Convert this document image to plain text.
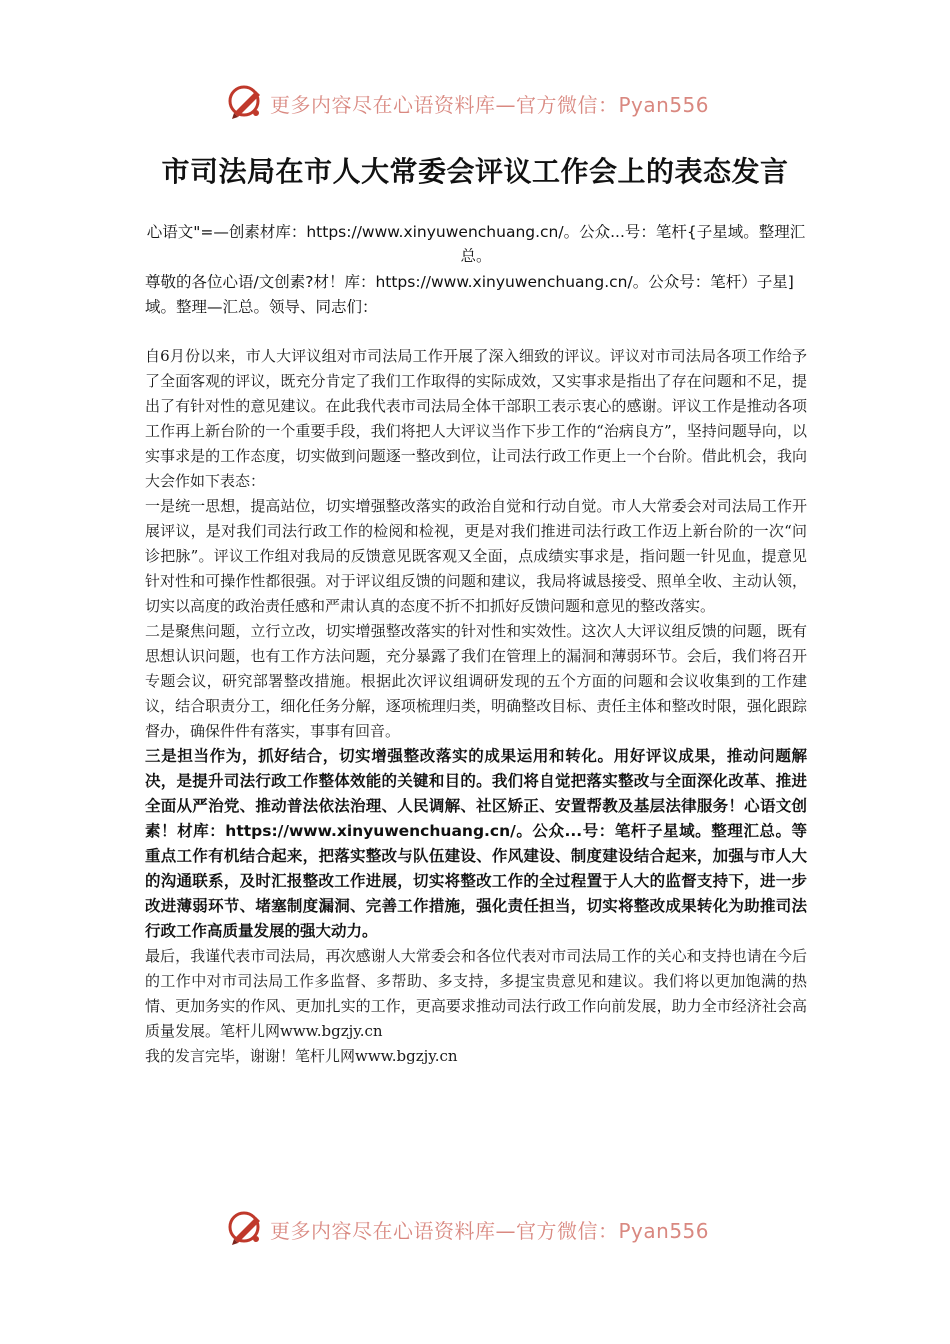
更多内容尽在心语资料库—官方微信：Pyan556
市司法局在市人大常委会评议工作会上的表态发言
心语文"=—创素材库：https://www.xinyuwenchuang.cn/。公众...号：笔杆{子星域。整理汇总。
尊敬的各位心语/文创素?材！库：https://www.xinyuwenchuang.cn/。公众号：笔杆）子星]域。整理—汇总。领导、同志们：

自6月份以来，市人大评议组对市司法局工作开展了深入细致的评议。评议对市司法局各项工作给予了全面客观的评议，既充分肯定了我们工作取得的实际成效，又实事求是指出了存在问题和不足，提出了有针对性的意见建议。在此我代表市司法局全体干部职工表示衷心的感谢。评议工作是推动各项工作再上新台阶的一个重要手段，我们将把人大评议当作下步工作的“治病良方”，坚持问题导向，以实事求是的工作态度，切实做到问题逐一整改到位，让司法行政工作更上一个台阶。借此机会，我向大会作如下表态：

一是统一思想，提高站位，切实增强整改落实的政治自觉和行动自觉。市人大常委会对司法局工作开展评议，是对我们司法行政工作的检阅和检视，更是对我们推进司法行政工作迈上新台阶的一次“问诊把脉”。评议工作组对我局的反馈意见既客观又全面，点成绩实事求是，指问题一针见血，提意见针对性和可操作性都很强。对于评议组反馈的问题和建议，我局将诚恳接受、照单全收、主动认领，切实以高度的政治责任感和严肃认真的态度不折不扣抓好反馈问题和意见的整改落实。

二是聚焦问题，立行立改，切实增强整改落实的针对性和实效性。这次人大评议组反馈的问题，既有思想认识问题，也有工作方法问题，充分暴露了我们在管理上的漏洞和薄弱环节。会后，我们将召开专题会议，研究部署整改措施。根据此次评议组调研发现的五个方面的问题和会议收集到的工作建议，结合职责分工，细化任务分解，逐项梳理归类，明确整改目标、责任主体和整改时限，强化跟踪督办，确保件件有落实，事事有回音。

三是担当作为，抓好结合，切实增强整改落实的成果运用和转化。用好评议成果，推动问题解决，是提升司法行政工作整体效能的关键和目的。我们将自觉把落实整改与全面深化改革、推进全面从严治党、推动普法依法治理、人民调解、社区矫正、安置帮教及基层法律服务！心语文创素！材库：https://www.xinyuwenchuang.cn/。公众...号：笔杆子星域。整理汇总。等重点工作有机结合起来，把落实整改与队伍建设、作风建设、制度建设结合起来，加强与市人大的沟通联系，及时汇报整改工作进展，切实将整改工作的全过程置于人大的监督支持下，进一步改进薄弱环节、堵塞制度漏洞、完善工作措施，强化责任担当，切实将整改成果转化为助推司法行政工作高质量发展的强大动力。

最后，我谨代表市司法局，再次感谢人大常委会和各位代表对市司法局工作的关心和支持也请在今后的工作中对市司法局工作多监督、多帮助、多支持，多提宝贵意见和建议。我们将以更加饱满的热情、更加务实的作风、更加扎实的工作，更高要求推动司法行政工作向前发展，助力全市经济社会高质量发展。笔杆儿网www.bgzjy.cn

我的发言完毕，谢谢！笔杆儿网www.bgzjy.cn

更多内容尽在心语资料库—官方微信：Pyan556
